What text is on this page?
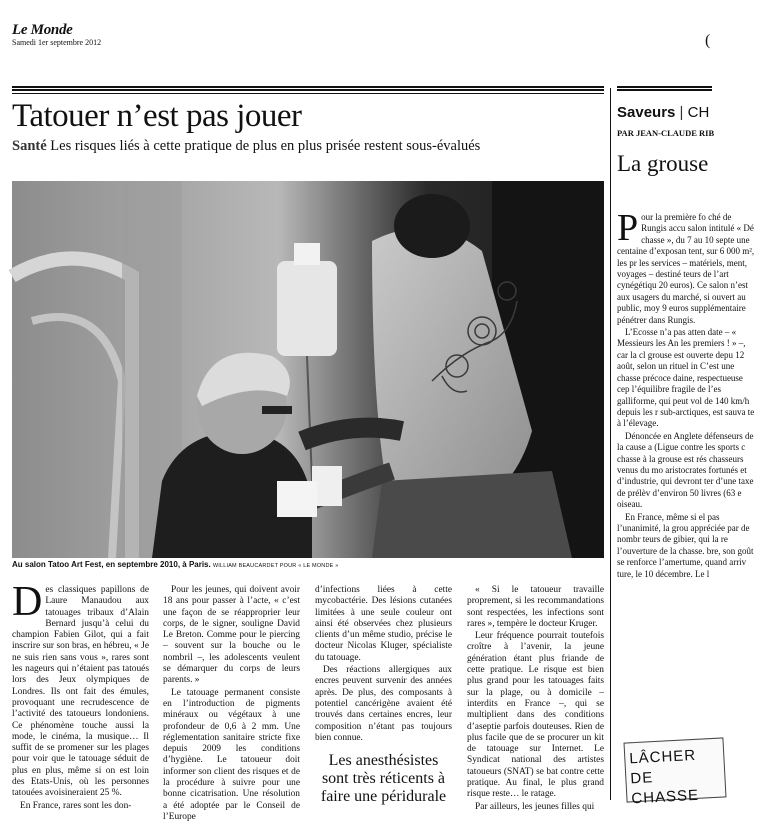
Le Monde
Samedi 1er septembre 2012	(
Tatouer n’est pas jouer
Santé Les risques liés à cette pratique de plus en plus prisée restent sous-évalués
Au salon Tatoo Art Fest, en septembre 2010, à Paris. WILLIAM BEAUCARDET POUR « LE MONDE »
D es classiques papillons de Laure Manaudou aux tatouages tribaux d’Alain Bernard jusqu’à celui du champion Fabien Gilot, qui a fait inscrire sur son bras, en hébreu, « Je ne suis rien sans vous », rares sont les nageurs qui n’étaient pas tatoués lors des Jeux olympiques de Londres. Ils ont fait des émules, provoquant une recrudescence de l’activité des tatoueurs londoniens. Ce phénomène touche aussi la mode, le cinéma, la musique… Il suffit de se promener sur les plages pour voir que le tatouage séduit de plus en plus, même si on est loin des Etats-Unis, où les personnes tatouées avoisineraient 25 %.

En France, rares sont les don-

Pour les jeunes, qui doivent avoir 18 ans pour passer à l’acte, « c’est une façon de se réapproprier leur corps, de le signer, souligne David Le Breton. Comme pour le piercing – souvent sur la bouche ou le nombril –, les adolescents veulent se démarquer du corps de leurs parents. »

Le tatouage permanent consiste en l’introduction de pigments minéraux ou végétaux à une profondeur de 0,6 à 2 mm. Une réglementation sanitaire stricte fixe depuis 2009 les conditions d’hygiène. Le tatoueur doit informer son client des risques et de la procédure à suivre pour une bonne cicatrisation. Une résolution a été adoptée par le Conseil de l’Europe

d’infections liées à cette mycobactérie. Des lésions cutanées limitées à une seule couleur ont ainsi été observées chez plusieurs clients d’un même studio, précise le docteur Nicolas Kluger, spécialiste du tatouage.

Des réactions allergiques aux encres peuvent survenir des années après. De plus, des composants à potentiel cancérigène avaient été trouvés dans certaines encres, leur composition n’étant pas toujours bien connue.

Les anesthésistes sont très réticents à faire une péridurale

« Si le tatoueur travaille proprement, si les recommandations sont respectées, les infections sont rares », tempère le docteur Kruger.

Leur fréquence pourrait toutefois croître à l’avenir, la jeune génération étant plus friande de cette pratique. Le risque est bien plus grand pour les tatouages faits sur la plage, ou à domicile – interdits en France –, qui se multiplient dans des conditions d’aseptie parfois douteuses. Rien de plus facile que de se procurer un kit de tatouage sur Internet. Le Syndicat national des artistes tatoueurs (SNAT) se bat contre cette pratique. Au final, le plus grand risque reste… le ratage.

Par ailleurs, les jeunes filles qui

Saveurs | CH
PAR JEAN-CLAUDE RIB
La grouse
P our la première fo ché de Rungis accu salon intitulé « Dé chasse », du 7 au 10 septe une centaine d’exposan tent, sur 6 000 m², les pr les services – matériels, ment, voyages – destiné teurs de l’art cynégétiqu 20 euros). Ce salon n’est aux usagers du marché, si ouvert au public, moy 9 euros supplémentaire pénétrer dans Rungis.

L’Ecosse n’a pas atten date – « Messieurs les An les premiers ! » –, car la cl grouse est ouverte depu 12 août, selon un rituel in C’est une chasse précoce daine, respectueuse cep l’équilibre fragile de l’es galliforme, qui peut vol de 140 km/h depuis les r sub-arctiques, est sauva te à l’élevage.

Dénoncée en Anglete défenseurs de la cause a (Ligue contre les sports c chasse à la grouse est rés chasseurs venus du mo aristocrates fortunés et d’industrie, qui devront ter d’une taxe de prélèv d’environ 50 livres (63 e oiseau.

En France, même si el pas l’unanimité, la grou appréciée par de nombr teurs de gibier, qui la re l’ouverture de la chasse. bre, son goût se renforce l’amertume, quand arriv ture, le 10 décembre. Le l

LÂCHER DE CHASSE
